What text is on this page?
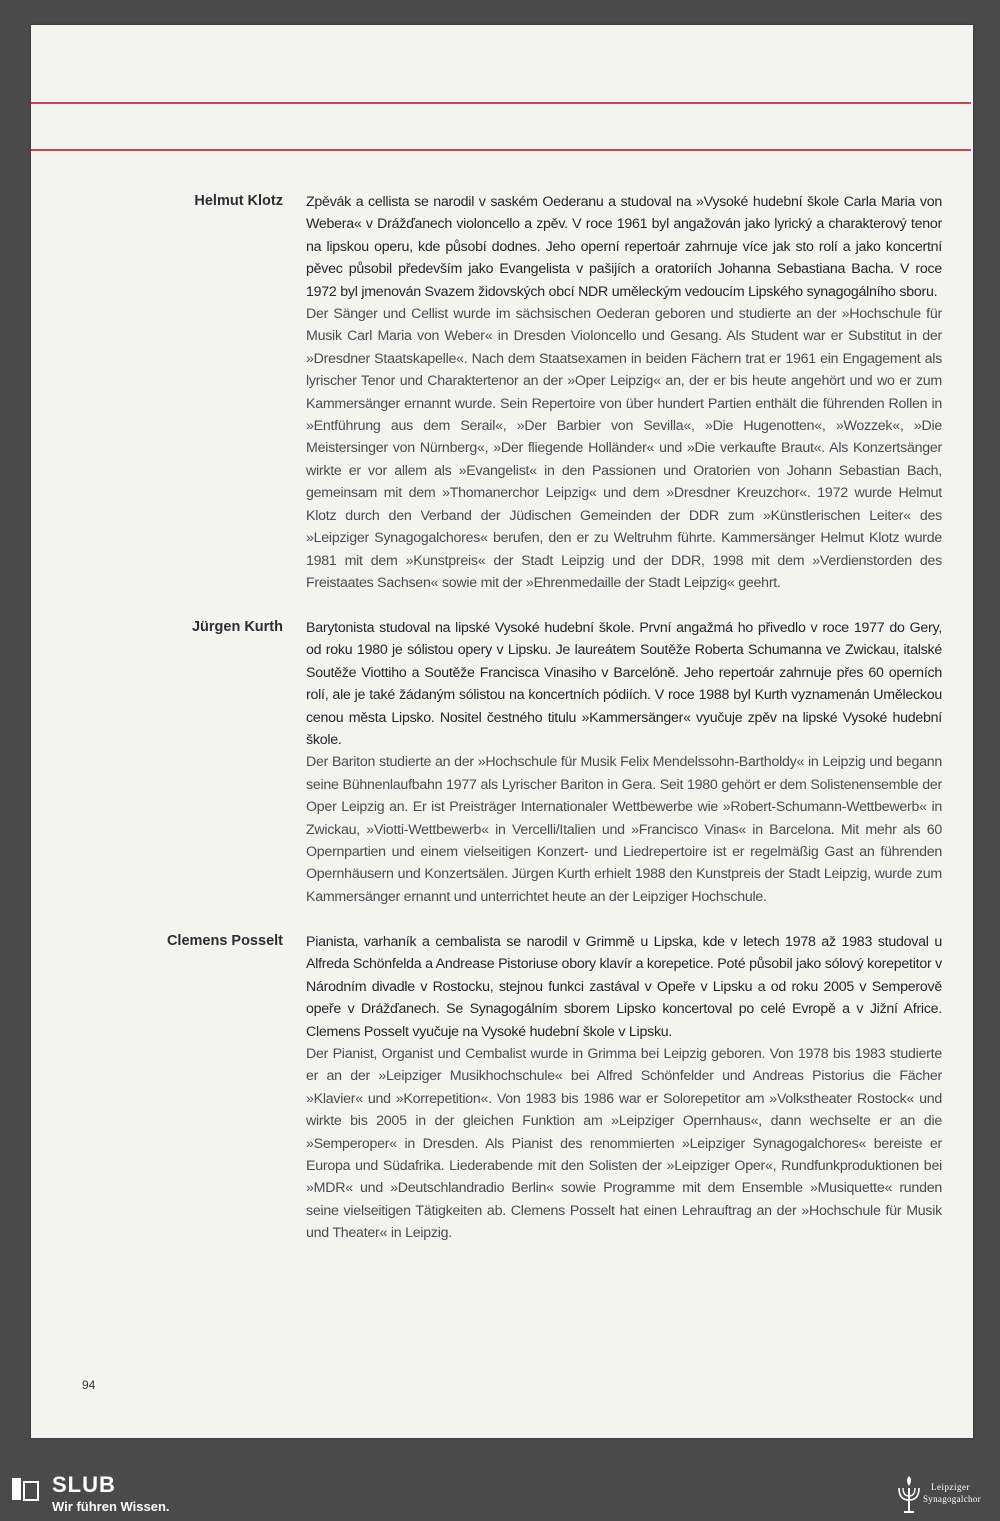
Helmut Klotz Zpěvák a cellista se narodil v saském Oederanu a studoval na »Vysoké hudební škole Carla Maria von Webera« v Drážďanech violoncello a zpěv. V roce 1961 byl angažován jako lyrický a charakterový tenor na lipskou operu, kde působí dodnes. Jeho operní repertoár zahrnuje více jak sto rolí a jako koncertní pěvec působil především jako Evangelista v pašijích a oratoriích Johanna Sebastiana Bacha. V roce 1972 byl jmenován Svazem židovských obcí NDR uměleckým vedoucím Lipského synagogálního sboru.

Der Sänger und Cellist wurde im sächsischen Oederan geboren und studierte an der »Hochschule für Musik Carl Maria von Weber« in Dresden Violoncello und Gesang. Als Student war er Substitut in der »Dresdner Staatskapelle«. Nach dem Staatsexamen in beiden Fächern trat er 1961 ein Engagement als lyrischer Tenor und Charaktertenor an der »Oper Leipzig« an, der er bis heute angehört und wo er zum Kammersänger ernannt wurde. Sein Repertoire von über hundert Partien enthält die führenden Rollen in »Entführung aus dem Serail«, »Der Barbier von Sevilla«, »Die Hugenotten«, »Wozzek«, »Die Meistersinger von Nürnberg«, »Der fliegende Holländer« und »Die verkaufte Braut«. Als Konzertsänger wirkte er vor allem als »Evangelist« in den Passionen und Oratorien von Johann Sebastian Bach, gemeinsam mit dem »Thomanerchor Leipzig« und dem »Dresdner Kreuzchor«. 1972 wurde Helmut Klotz durch den Verband der Jüdischen Gemeinden der DDR zum »Künstlerischen Leiter« des »Leipziger Synagogalchores« berufen, den er zu Weltruhm führte. Kammersänger Helmut Klotz wurde 1981 mit dem »Kunstpreis« der Stadt Leipzig und der DDR, 1998 mit dem »Verdienstorden des Freistaates Sachsen« sowie mit der »Ehrenmedaille der Stadt Leipzig« geehrt.

Jürgen Kurth Barytonista studoval na lipské Vysoké hudební škole. První angažmá ho přivedlo v roce 1977 do Gery, od roku 1980 je sólistou opery v Lipsku. Je laureátem Soutěže Roberta Schumanna ve Zwickau, italské Soutěže Viottiho a Soutěže Francisca Vinasiho v Barcelóně. Jeho repertoár zahrnuje přes 60 operních rolí, ale je také žádaným sólistou na koncertních pódiích. V roce 1988 byl Kurth vyznamenán Uměleckou cenou města Lipsko. Nositel čestného titulu »Kammersänger« vyučuje zpěv na lipské Vysoké hudební škole.

Der Bariton studierte an der »Hochschule für Musik Felix Mendelssohn-Bartholdy« in Leipzig und begann seine Bühnenlaufbahn 1977 als Lyrischer Bariton in Gera. Seit 1980 gehört er dem Solistenensemble der Oper Leipzig an. Er ist Preisträger Internationaler Wettbewerbe wie »Robert-Schumann-Wettbewerb« in Zwickau, »Viotti-Wettbewerb« in Vercelli/Italien und »Francisco Vinas« in Barcelona. Mit mehr als 60 Opernpartien und einem vielseitigen Konzert- und Liedrepertoire ist er regelmäßig Gast an führenden Opernhäusern und Konzertsälen. Jürgen Kurth erhielt 1988 den Kunstpreis der Stadt Leipzig, wurde zum Kammersänger ernannt und unterrichtet heute an der Leipziger Hochschule.

Clemens Posselt Pianista, varhaník a cembalista se narodil v Grimmě u Lipska, kde v letech 1978 až 1983 studoval u Alfreda Schönfelda a Andrease Pistoriuse obory klavír a korepetice. Poté působil jako sólový korepetitor v Národním divadle v Rostocku, stejnou funkci zastával v Opeře v Lipsku a od roku 2005 v Semperově opeře v Drážďanech. Se Synagogálním sborem Lipsko koncertoval po celé Evropě a v Jižní Africe. Clemens Posselt vyučuje na Vysoké hudební škole v Lipsku.

Der Pianist, Organist und Cembalist wurde in Grimma bei Leipzig geboren. Von 1978 bis 1983 studierte er an der »Leipziger Musikhochschule« bei Alfred Schönfelder und Andreas Pistorius die Fächer »Klavier« und »Korrepetition«. Von 1983 bis 1986 war er Solorepetitor am »Volkstheater Rostock« und wirkte bis 2005 in der gleichen Funktion am »Leipziger Opernhaus«, dann wechselte er an die »Semperoper« in Dresden. Als Pianist des renommierten »Leipziger Synagogalchores« bereiste er Europa und Südafrika. Liederabende mit den Solisten der »Leipziger Oper«, Rundfunkproduktionen bei »MDR« und »Deutschlandradio Berlin« sowie Programme mit dem Ensemble »Musiquette« runden seine vielseitigen Tätigkeiten ab. Clemens Posselt hat einen Lehrauftrag an der »Hochschule für Musik und Theater« in Leipzig.

94
SLUB
Wir führen Wissen.
Leipziger
Synagogalchor
